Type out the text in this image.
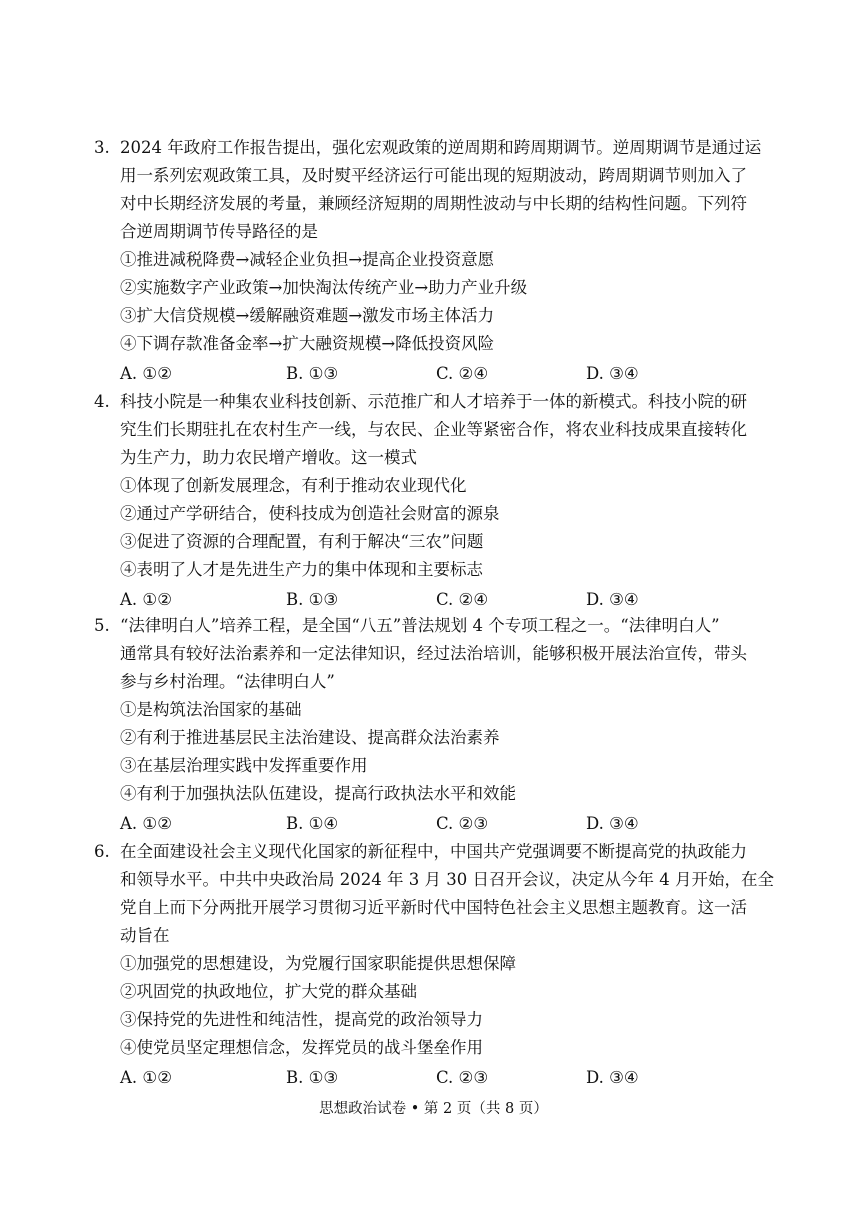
3. 2024 年政府工作报告提出，强化宏观政策的逆周期和跨周期调节。逆周期调节是通过运
用一系列宏观政策工具，及时熨平经济运行可能出现的短期波动，跨周期调节则加入了
对中长期经济发展的考量，兼顾经济短期的周期性波动与中长期的结构性问题。下列符
合逆周期调节传导路径的是
①推进减税降费→减轻企业负担→提高企业投资意愿
②实施数字产业政策→加快淘汰传统产业→助力产业升级
③扩大信贷规模→缓解融资难题→激发市场主体活力
④下调存款准备金率→扩大融资规模→降低投资风险
A. ①②	B. ①③	C. ②④	D. ③④
4. 科技小院是一种集农业科技创新、示范推广和人才培养于一体的新模式。科技小院的研
究生们长期驻扎在农村生产一线，与农民、企业等紧密合作，将农业科技成果直接转化
为生产力，助力农民增产增收。这一模式
①体现了创新发展理念，有利于推动农业现代化
②通过产学研结合，使科技成为创造社会财富的源泉
③促进了资源的合理配置，有利于解决“三农”问题
④表明了人才是先进生产力的集中体现和主要标志
A. ①②	B. ①③	C. ②④	D. ③④
5. “法律明白人”培养工程，是全国“八五”普法规划 4 个专项工程之一。“法律明白人”
通常具有较好法治素养和一定法律知识，经过法治培训，能够积极开展法治宣传，带头
参与乡村治理。“法律明白人”
①是构筑法治国家的基础
②有利于推进基层民主法治建设、提高群众法治素养
③在基层治理实践中发挥重要作用
④有利于加强执法队伍建设，提高行政执法水平和效能
A. ①②	B. ①④	C. ②③	D. ③④
6. 在全面建设社会主义现代化国家的新征程中，中国共产党强调要不断提高党的执政能力
和领导水平。中共中央政治局 2024 年 3 月 30 日召开会议，决定从今年 4 月开始，在全
党自上而下分两批开展学习贯彻习近平新时代中国特色社会主义思想主题教育。这一活
动旨在
①加强党的思想建设，为党履行国家职能提供思想保障
②巩固党的执政地位，扩大党的群众基础
③保持党的先进性和纯洁性，提高党的政治领导力
④使党员坚定理想信念，发挥党员的战斗堡垒作用
A. ①②	B. ①③	C. ②③	D. ③④
思想政治试卷 • 第 2 页（共 8 页）
